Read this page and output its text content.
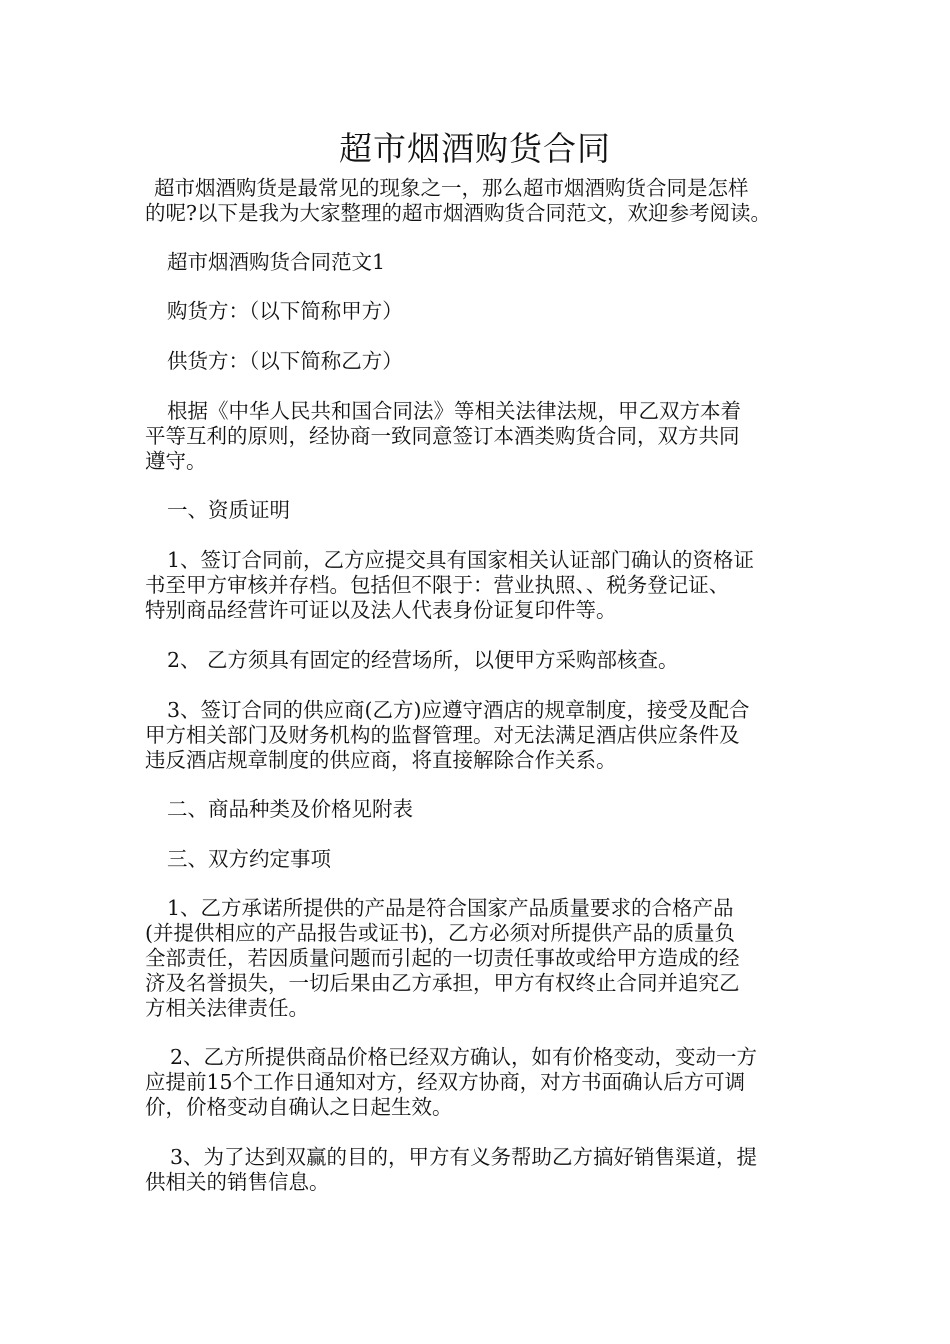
超市烟酒购货合同
超市烟酒购货是最常见的现象之一，那么超市烟酒购货合同是怎样
的呢?以下是我为大家整理的超市烟酒购货合同范文，欢迎参考阅读。
超市烟酒购货合同范文1
购货方：（以下简称甲方）
供货方：（以下简称乙方）
根据《中华人民共和国合同法》等相关法律法规，甲乙双方本着
平等互利的原则，经协商一致同意签订本酒类购货合同，双方共同
遵守。
一、资质证明
1、签订合同前，乙方应提交具有国家相关认证部门确认的资格证
书至甲方审核并存档。包括但不限于：营业执照、、税务登记证、
特别商品经营许可证以及法人代表身份证复印件等。
2、 乙方须具有固定的经营场所，以便甲方采购部核查。
3、签订合同的供应商(乙方)应遵守酒店的规章制度，接受及配合
甲方相关部门及财务机构的监督管理。对无法满足酒店供应条件及
违反酒店规章制度的供应商，将直接解除合作关系。
二、商品种类及价格见附表
三、双方约定事项
1、乙方承诺所提供的产品是符合国家产品质量要求的合格产品
(并提供相应的产品报告或证书)，乙方必须对所提供产品的质量负
全部责任，若因质量问题而引起的一切责任事故或给甲方造成的经
济及名誉损失，一切后果由乙方承担，甲方有权终止合同并追究乙
方相关法律责任。
2、乙方所提供商品价格已经双方确认，如有价格变动，变动一方
应提前15个工作日通知对方，经双方协商，对方书面确认后方可调
价，价格变动自确认之日起生效。
3、为了达到双赢的目的，甲方有义务帮助乙方搞好销售渠道，提
供相关的销售信息。
